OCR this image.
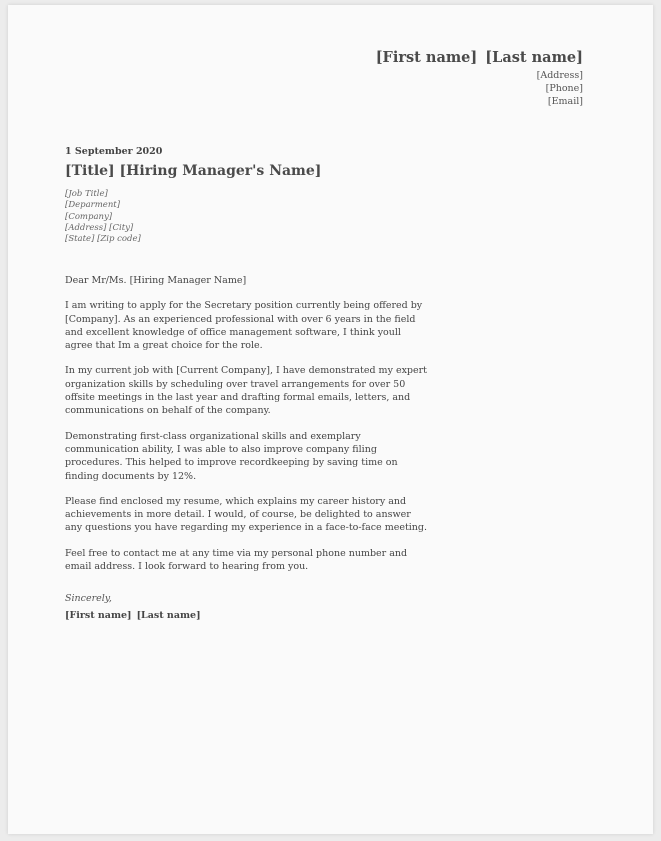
[First name] [Last name]
[Address]
[Phone]
[Email]
1 September 2020
[Title] [Hiring Manager's Name]
[Job Title]
[Deparment]
[Company]
[Address] [City]
[State] [Zip code]

Dear Mr/Ms. [Hiring Manager Name]

I am writing to apply for the Secretary position currently being offered by [Company]. As an experienced professional with over 6 years in the field and excellent knowledge of office management software, I think youll agree that Im a great choice for the role.

In my current job with [Current Company], I have demonstrated my expert organization skills by scheduling over travel arrangements for over 50 offsite meetings in the last year and drafting formal emails, letters, and communications on behalf of the company.

Demonstrating first-class organizational skills and exemplary communication ability, I was able to also improve company filing procedures. This helped to improve recordkeeping by saving time on finding documents by 12%.

Please find enclosed my resume, which explains my career history and achievements in more detail. I would, of course, be delighted to answer any questions you have regarding my experience in a face-to-face meeting.

Feel free to contact me at any time via my personal phone number and email address. I look forward to hearing from you.

Sincerely,
[First name] [Last name]
